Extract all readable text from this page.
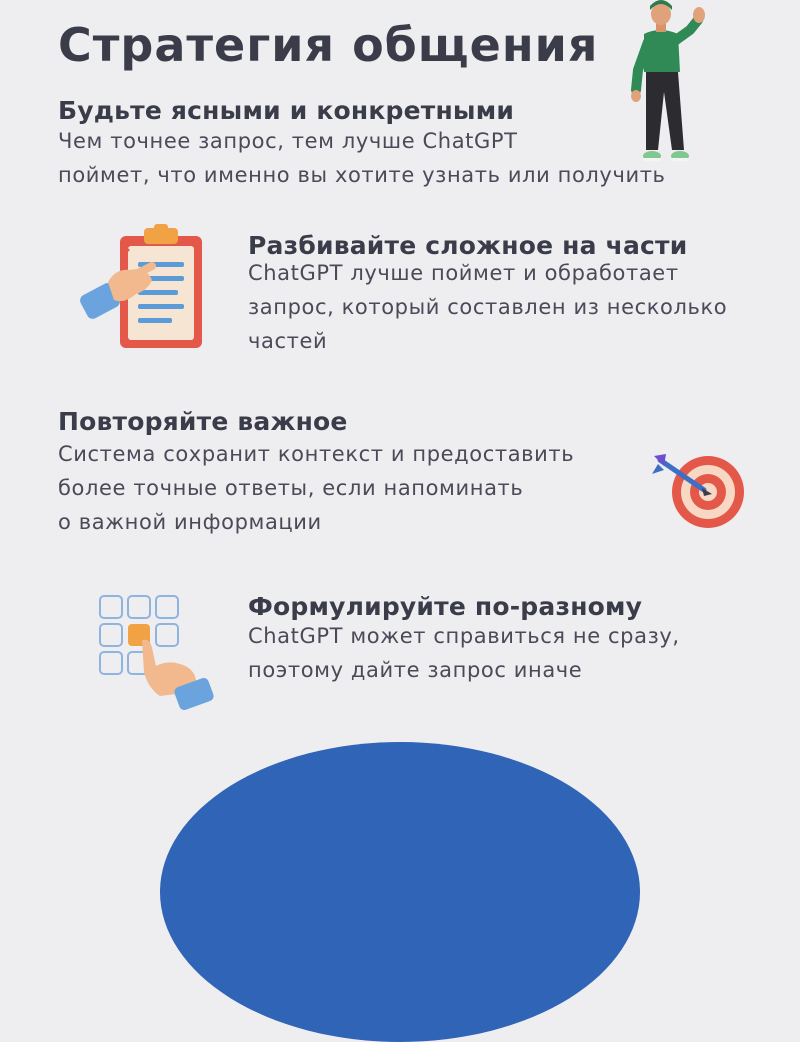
Стратегия общения
Будьте ясными и конкретными
Чем точнее запрос, тем лучше ChatGPT
поймет, что именно вы хотите узнать или получить
Разбивайте сложное на части
ChatGPT лучше поймет и обработает
запрос, который составлен из несколько
частей
Повторяйте важное
Система сохранит контекст и предоставить
более точные ответы, если напоминать
о важной информации
Формулируйте по-разному
ChatGPT может справиться не сразу,
поэтому дайте запрос иначе
